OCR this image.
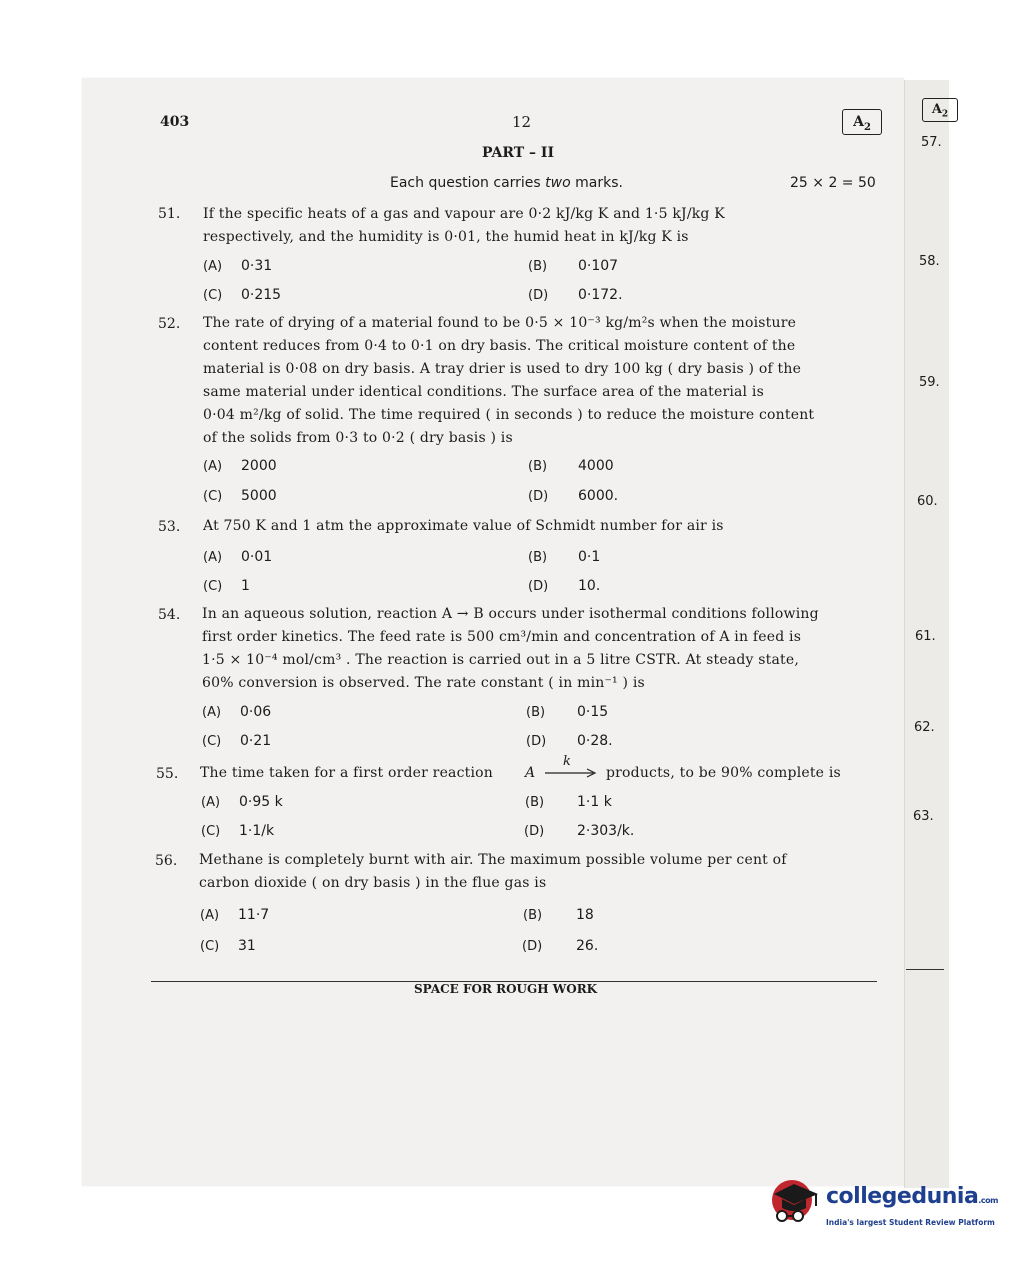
403	12	$A_2$
PART – II
Each question carries two marks.	25 × 2 = 50
51. If the specific heats of a gas and vapour are 0·2 kJ/kg K and 1·5 kJ/kg K
respectively, and the humidity is 0·01, the humid heat in kJ/kg K is
(A) 0·31	(B) 0·107
(C) 0·215	(D) 0·172.
52. The rate of drying of a material found to be 0·5 × 10⁻³ kg/m²s when the moisture
content reduces from 0·4 to 0·1 on dry basis. The critical moisture content of the
material is 0·08 on dry basis. A tray drier is used to dry 100 kg ( dry basis ) of the
same material under identical conditions. The surface area of the material is
0·04 m²/kg of solid. The time required ( in seconds ) to reduce the moisture content
of the solids from 0·3 to 0·2 ( dry basis ) is
(A) 2000	(B) 4000
(C) 5000	(D) 6000.
53. At 750 K and 1 atm the approximate value of Schmidt number for air is
(A) 0·01	(B) 0·1
(C) 1	(D) 10.
54. In an aqueous solution, reaction A → B occurs under isothermal conditions following
first order kinetics. The feed rate is 500 cm³/min and concentration of A in feed is
1·5 × 10⁻⁴ mol/cm³ . The reaction is carried out in a 5 litre CSTR. At steady state,
60% conversion is observed. The rate constant ( in min⁻¹ ) is
(A) 0·06	(B) 0·15
(C) 0·21	(D) 0·28.
55. The time taken for a first order reaction A
k
products, to be 90% complete is
(A) 0·95 k	(B) 1·1 k
(C) 1·1/k	(D) 2·303/k.
56. Methane is completely burnt with air. The maximum possible volume per cent of
carbon dioxide ( on dry basis ) in the flue gas is
(A) 11·7	(B) 18
(C) 31	(D) 26.
SPACE FOR ROUGH WORK
$A_2$
57.
58.
59.
60.
61.
62.
63.
collegedunia.com
India's largest Student Review Platform
